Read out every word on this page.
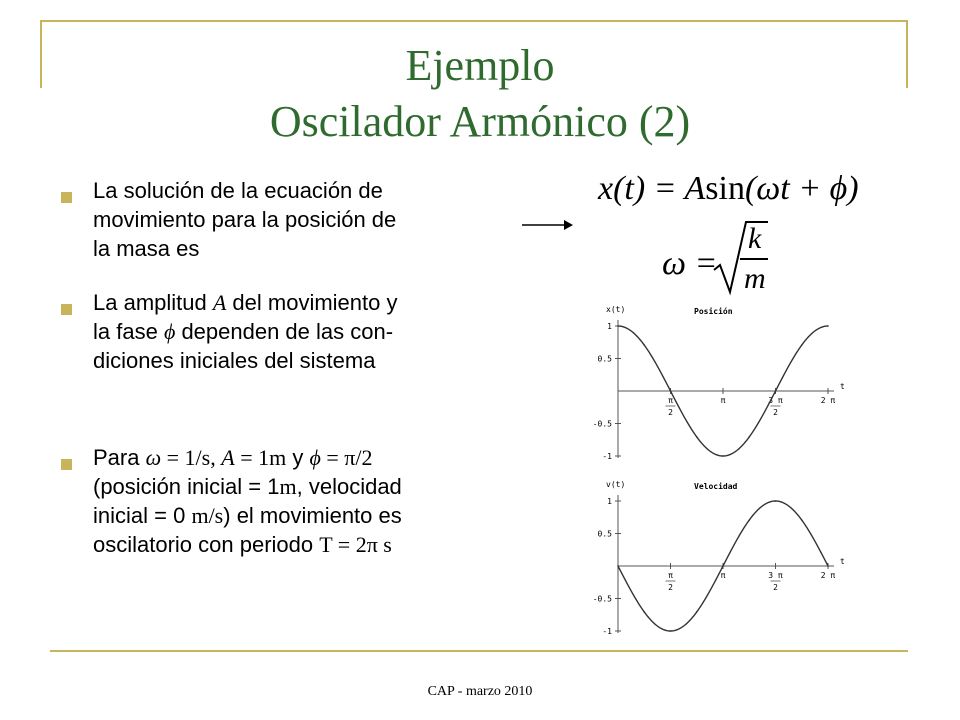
Ejemplo
Oscilador Armónico (2)
La solución de la ecuación de
movimiento para la posición de
la masa es
La amplitud A del movimiento y
la fase ϕ dependen de las con-
diciones iniciales del sistema
Para ω = 1/s, A = 1m y ϕ = π/2
(posición inicial = 1m, velocidad
inicial = 0 m/s) el movimiento es
oscilatorio con periodo T = 2π s
x(t) = Asin(ωt + ϕ)
ω =
k
m
x(t)	Posición
t
1
0.5
-0.5
-1
π
2
π	3 π
2
2 π
v(t)	Velocidad
t
1
0.5
-0.5
-1
π
2
π	3 π
2
2 π
CAP - marzo 2010
